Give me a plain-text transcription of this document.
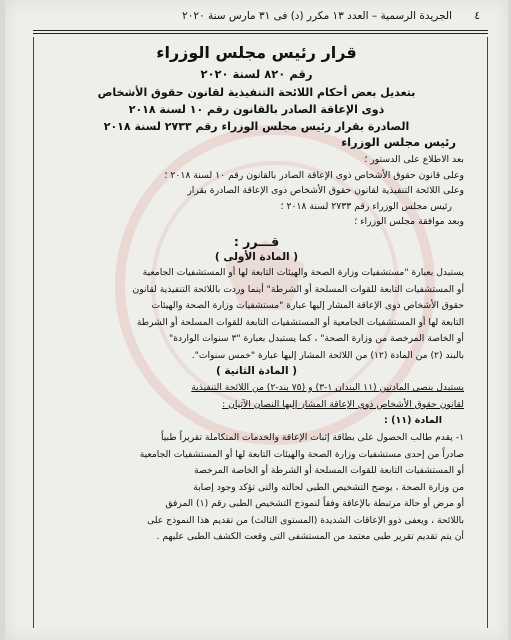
٤
الجريدة الرسمية – العدد ١٣ مكرر (د) فى ٣١ مارس سنة ٢٠٢٠
قرار رئيس مجلس الوزراء
رقم ٨٢٠ لسنة ٢٠٢٠
بتعديل بعض أحكام اللائحة التنفيذية لقانون حقوق الأشخاص
ذوى الإعاقة الصادر بالقانون رقم ١٠ لسنة ٢٠١٨
الصادرة بقرار رئيس مجلس الوزراء رقم ٢٧٣٣ لسنة ٢٠١٨
رئيس مجلس الوزراء

بعد الاطلاع على الدستور ؛

وعلى قانون حقوق الأشخاص ذوى الإعاقة الصادر بالقانون رقم ١٠ لسنة ٢٠١٨ ؛

وعلى اللائحة التنفيذية لقانون حقوق الأشخاص ذوى الإعاقة الصادرة بقرار

رئيس مجلس الوزراء رقم ٢٧٣٣ لسنة ٢٠١٨ ؛

وبعد موافقة مجلس الوزراء ؛

قـــرر :
( المادة الأولى )

يستبدل بعبارة "مستشفيات وزارة الصحة والهيئات التابعة لها أو المستشفيات الجامعية

أو المستشفيات التابعة للقوات المسلحة أو الشرطة" أينما وردت باللائحة التنفيذية لقانون

حقوق الأشخاص ذوى الإعاقة المشار إليها عبارة "مستشفيات وزارة الصحة والهيئات

التابعة لها أو المستشفيات الجامعية أو المستشفيات التابعة للقوات المسلحة أو الشرطة

أو الخاصة المرخصة من وزارة الصحة" ، كما يستبدل بعبارة "٣ سنوات الواردة"

بالبند (٢) من المادة (١٢) من اللائحة المشار إليها عبارة "خمس سنوات".

( المادة الثانية )

يستبدل بنصى المادتين (١١ البندان ١-٣) و (٧٥ بند-٢) من اللائحة التنفيذية

لقانون حقوق الأشخاص ذوى الإعاقة المشار إليها النصان الآتيان :

المادة (١١) :

١- يقدم طالب الحصول على بطاقة إثبات الإعاقة والخدمات المتكاملة تقريراً طبياً

صادراً من إحدى مستشفيات وزارة الصحة والهيئات التابعة لها أو المستشفيات الجامعية

أو المستشفيات التابعة للقوات المسلحة أو الشرطة أو الخاصة المرخصة

من وزارة الصحة ، يوضح التشخيص الطبى لحالته والتى تؤكد وجود إصابة

أو مرض أو حالة مرتبطة بالإعاقة وفقاً لنموذج التشخيص الطبى رقم (١) المرفق

باللائحة ، ويعفى ذوو الإعاقات الشديدة (المستوى الثالث) من تقديم هذا النموذج على

أن يتم تقديم تقرير طبى معتمد من المستشفى التى وقعت الكشف الطبى عليهم .
